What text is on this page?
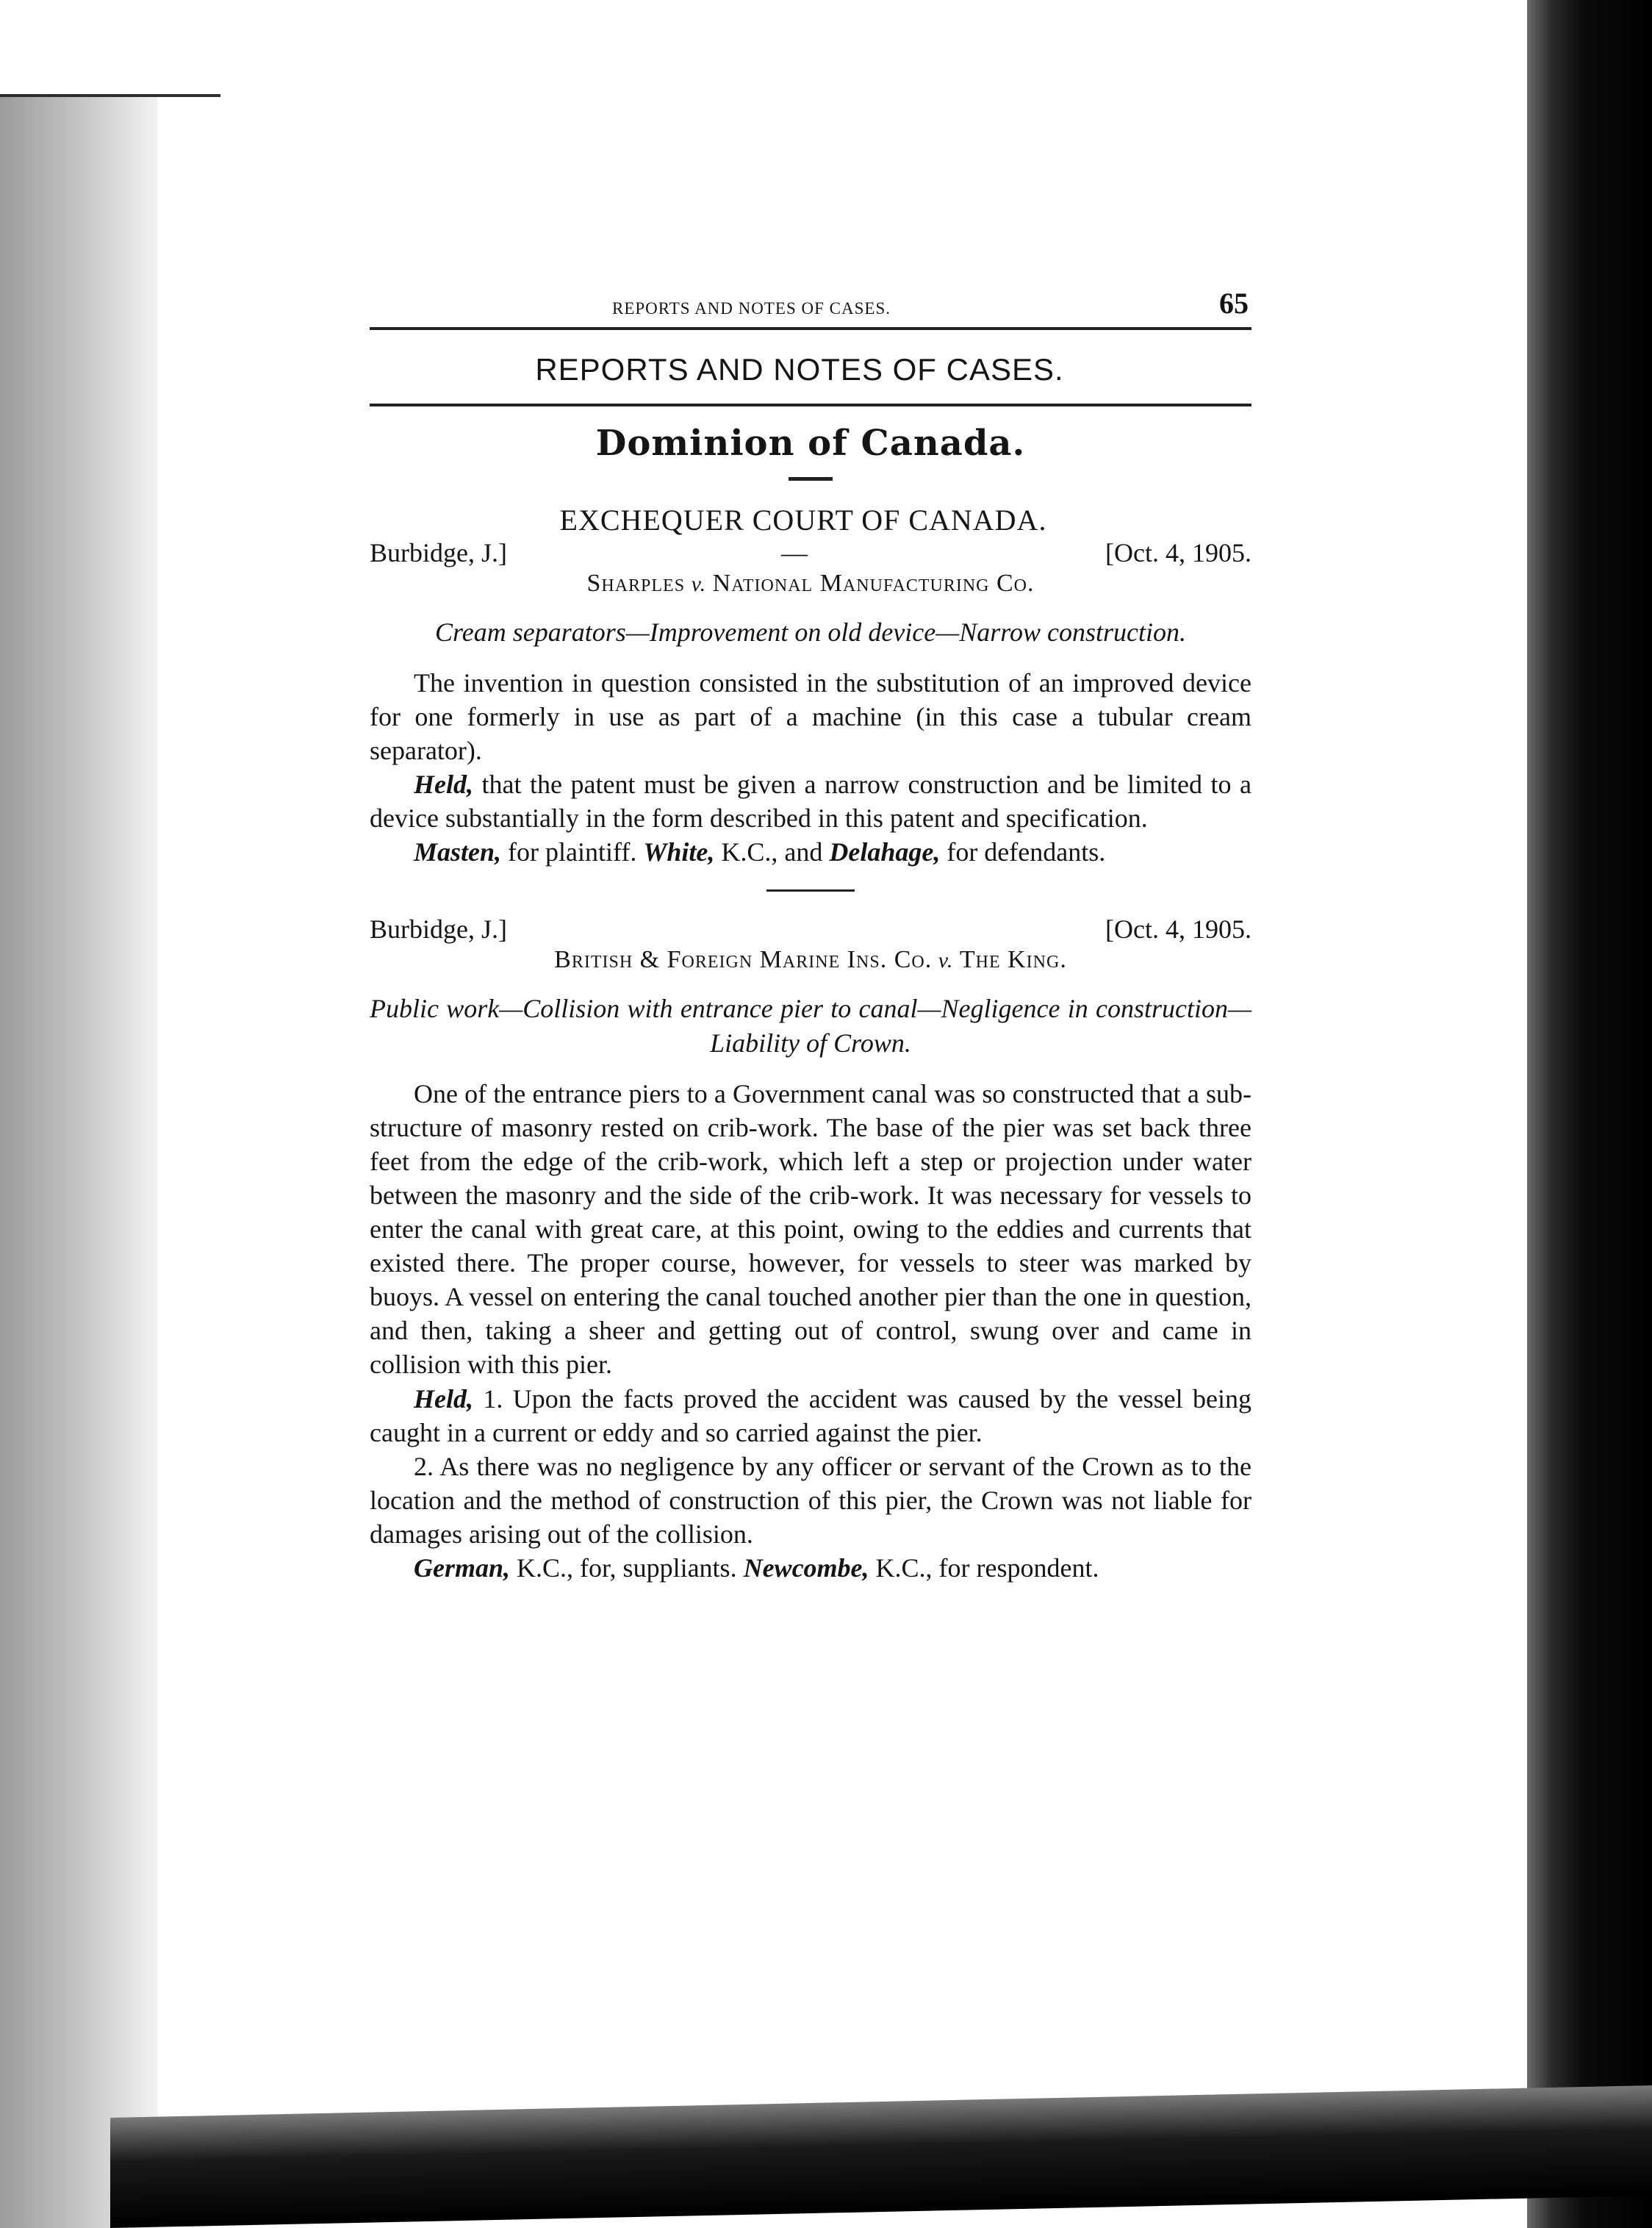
REPORTS AND NOTES OF CASES.	65
REPORTS AND NOTES OF CASES.
Dominion of Canada.
EXCHEQUER COURT OF CANADA.
Burbidge, J.]	—	[Oct. 4, 1905.
Sharples v. National Manufacturing Co.
Cream separators—Improvement on old device—Narrow construction.

The invention in question consisted in the substitution of an improved device for one formerly in use as part of a machine (in this case a tubular cream separator).

Held, that the patent must be given a narrow construction and be limited to a device substantially in the form described in this patent and specification.

Masten, for plaintiff. White, K.C., and Delahage, for defendants.

Burbidge, J.]	[Oct. 4, 1905.
British & Foreign Marine Ins. Co. v. The King.
Public work—Collision with entrance pier to canal—Negligence in construction—Liability of Crown.

One of the entrance piers to a Government canal was so constructed that a sub-structure of masonry rested on crib-work. The base of the pier was set back three feet from the edge of the crib-work, which left a step or projection under water between the masonry and the side of the crib-work. It was necessary for vessels to enter the canal with great care, at this point, owing to the eddies and currents that existed there. The proper course, however, for vessels to steer was marked by buoys. A vessel on entering the canal touched another pier than the one in question, and then, taking a sheer and getting out of control, swung over and came in collision with this pier.

Held, 1. Upon the facts proved the accident was caused by the vessel being caught in a current or eddy and so carried against the pier.

2. As there was no negligence by any officer or servant of the Crown as to the location and the method of construction of this pier, the Crown was not liable for damages arising out of the collision.

German, K.C., for, suppliants. Newcombe, K.C., for respondent.
